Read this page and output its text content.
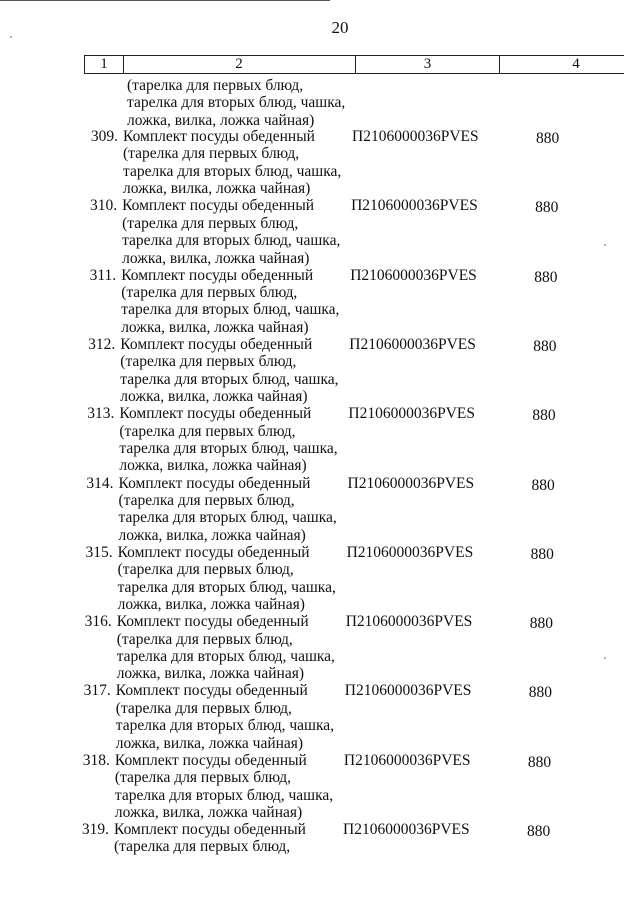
20
1	2	3	4
(тарелка для первых блюд,
тарелка для вторых блюд, чашка,
ложка, вилка, ложка чайная)
309. Комплект посуды обеденный
(тарелка для первых блюд,
тарелка для вторых блюд, чашка,
ложка, вилка, ложка чайная)
П2106000036PVES	880
310. Комплект посуды обеденный
(тарелка для первых блюд,
тарелка для вторых блюд, чашка,
ложка, вилка, ложка чайная)
П2106000036PVES	880
311. Комплект посуды обеденный
(тарелка для первых блюд,
тарелка для вторых блюд, чашка,
ложка, вилка, ложка чайная)
П2106000036PVES	880
312. Комплект посуды обеденный
(тарелка для первых блюд,
тарелка для вторых блюд, чашка,
ложка, вилка, ложка чайная)
П2106000036PVES	880
313. Комплект посуды обеденный
(тарелка для первых блюд,
тарелка для вторых блюд, чашка,
ложка, вилка, ложка чайная)
П2106000036PVES	880
314. Комплект посуды обеденный
(тарелка для первых блюд,
тарелка для вторых блюд, чашка,
ложка, вилка, ложка чайная)
П2106000036PVES	880
315. Комплект посуды обеденный
(тарелка для первых блюд,
тарелка для вторых блюд, чашка,
ложка, вилка, ложка чайная)
П2106000036PVES	880
316. Комплект посуды обеденный
(тарелка для первых блюд,
тарелка для вторых блюд, чашка,
ложка, вилка, ложка чайная)
П2106000036PVES	880
317. Комплект посуды обеденный
(тарелка для первых блюд,
тарелка для вторых блюд, чашка,
ложка, вилка, ложка чайная)
П2106000036PVES	880
318. Комплект посуды обеденный
(тарелка для первых блюд,
тарелка для вторых блюд, чашка,
ложка, вилка, ложка чайная)
П2106000036PVES	880
319. Комплект посуды обеденный
(тарелка для первых блюд,
П2106000036PVES	880
